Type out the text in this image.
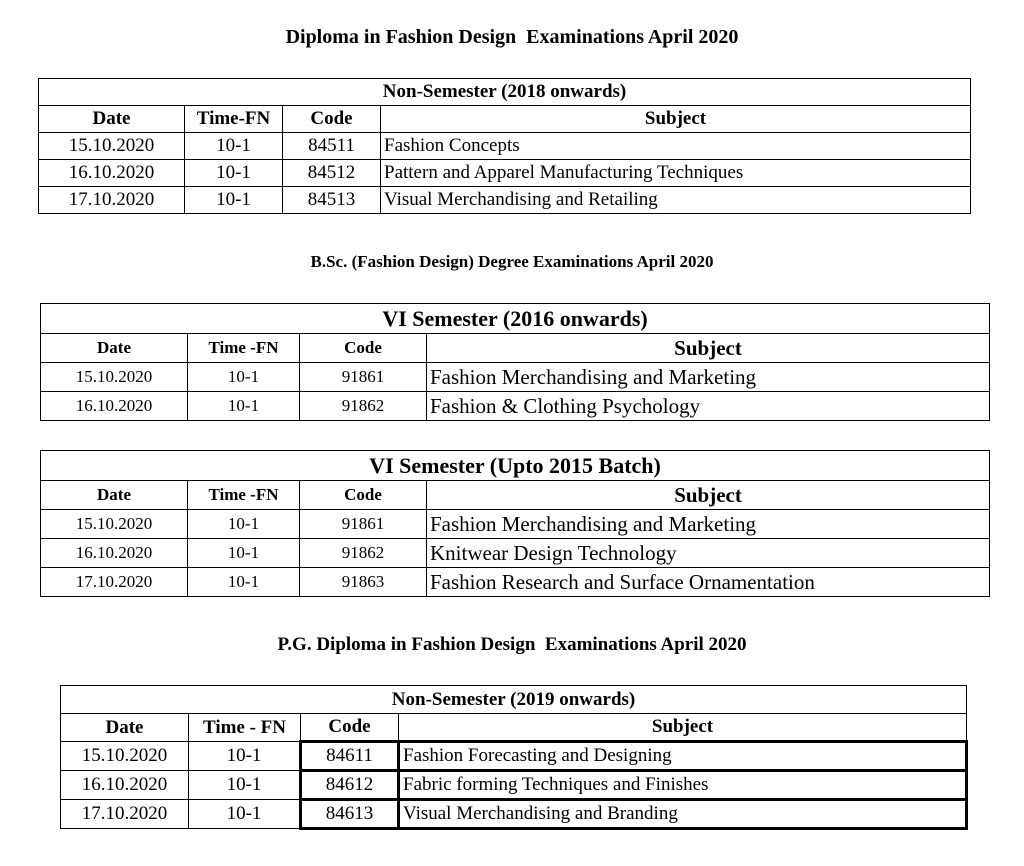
Diploma in Fashion Design  Examinations April 2020
Non-Semester (2018 onwards)			
Date	Time-FN	Code	Subject
15.10.2020	10-1	84511	Fashion Concepts
16.10.2020	10-1	84512	Pattern and Apparel Manufacturing Techniques
17.10.2020	10-1	84513	Visual Merchandising and Retailing
B.Sc. (Fashion Design) Degree Examinations April 2020
VI Semester (2016 onwards)			
Date	Time -FN	Code	Subject
15.10.2020	10-1	91861	Fashion Merchandising and Marketing
16.10.2020	10-1	91862	Fashion & Clothing Psychology
VI Semester (Upto 2015 Batch)			
Date	Time -FN	Code	Subject
15.10.2020	10-1	91861	Fashion Merchandising and Marketing
16.10.2020	10-1	91862	Knitwear Design Technology
17.10.2020	10-1	91863	Fashion Research and Surface Ornamentation
P.G. Diploma in Fashion Design  Examinations April 2020
Non-Semester (2019 onwards)			
Date	Time - FN	Code	Subject
15.10.2020	10-1	84611	Fashion Forecasting and Designing
16.10.2020	10-1	84612	Fabric forming Techniques and Finishes
17.10.2020	10-1	84613	Visual Merchandising and Branding
